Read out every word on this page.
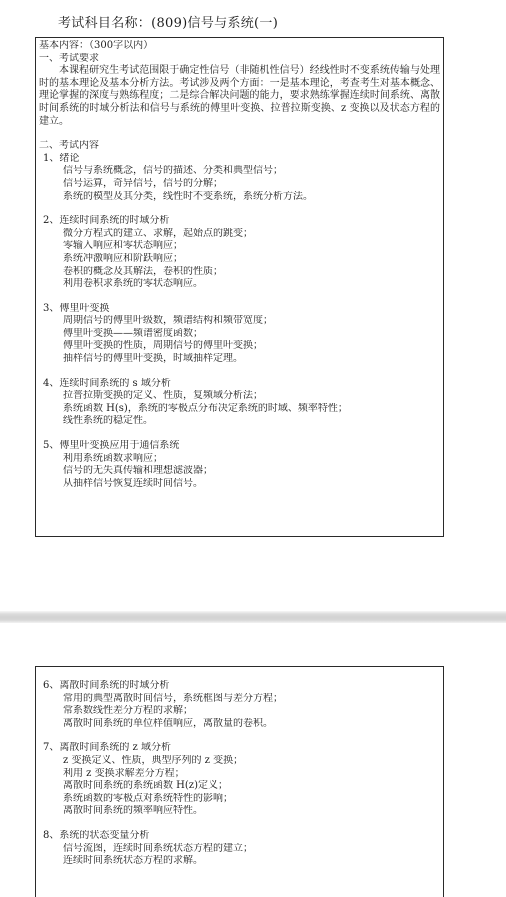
考试科目名称：(809)信号与系统(一)
基本内容：（300字以内）
一、考试要求
本课程研究生考试范围限于确定性信号（非随机性信号）经线性时不变系统传输与处理时的基本理论及基本分析方法。考试涉及两个方面：一是基本理论，考查考生对基本概念、理论掌握的深度与熟练程度；二是综合解决问题的能力，要求熟练掌握连续时间系统、离散时间系统的时域分析法和信号与系统的傅里叶变换、拉普拉斯变换、z 变换以及状态方程的建立。
二、考试内容
1、绪论
信号与系统概念，信号的描述、分类和典型信号；
信号运算，奇异信号，信号的分解；
系统的模型及其分类，线性时不变系统，系统分析方法。
2、连续时间系统的时域分析
微分方程式的建立、求解，起始点的跳变；
零输入响应和零状态响应；
系统冲激响应和阶跃响应；
卷积的概念及其解法，卷积的性质；
利用卷积求系统的零状态响应。
3、傅里叶变换
周期信号的傅里叶级数，频谱结构和频带宽度；
傅里叶变换——频谱密度函数；
傅里叶变换的性质，周期信号的傅里叶变换；
抽样信号的傅里叶变换，时域抽样定理。
4、连续时间系统的 s 域分析
拉普拉斯变换的定义、性质，复频域分析法；
系统函数 H(s)，系统的零极点分布决定系统的时域、频率特性；
线性系统的稳定性。
5、傅里叶变换应用于通信系统
利用系统函数求响应；
信号的无失真传输和理想滤波器；
从抽样信号恢复连续时间信号。
6、离散时间系统的时域分析
常用的典型离散时间信号，系统框图与差分方程；
常系数线性差分方程的求解；
离散时间系统的单位样值响应，离散量的卷积。
7、离散时间系统的 z 域分析
z 变换定义、性质，典型序列的 z 变换；
利用 z 变换求解差分方程；
离散时间系统的系统函数 H(z)定义；
系统函数的零极点对系统特性的影响；
离散时间系统的频率响应特性。
8、系统的状态变量分析
信号流图，连续时间系统状态方程的建立；
连续时间系统状态方程的求解。
